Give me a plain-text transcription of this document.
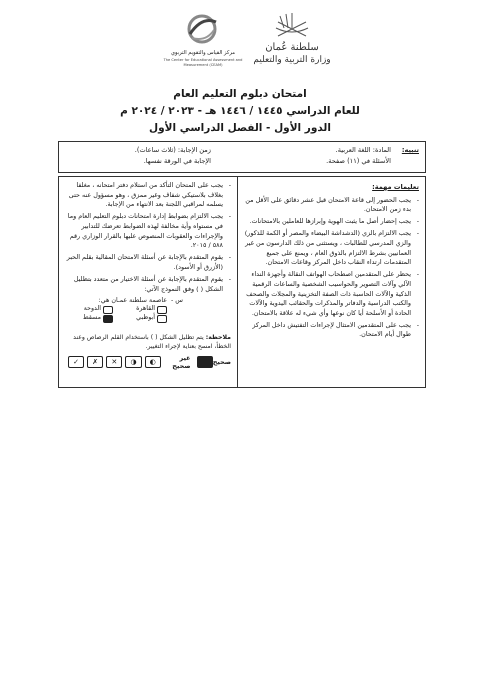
سلطنة عُمان
وزارة التربية والتعليم
مركز القياس والتقويم التربوي
The Center for Educational Assessment and Measurement (CEAM)
امتحان دبلوم التعليم العام
للعام الدراسي ١٤٤٥ / ١٤٤٦ هـ - ٢٠٢٣ / ٢٠٢٤ م
الدور الأول - الفصل الدراسي الأول
تنبيه:
المادة: اللغة العربية.
الأسئلة في (١١) صفحة.
زمن الإجابة: (ثلاث ساعات).
الإجابة في الورقة نفسها.
تعليمات مهمة:
- يجب الحضور إلى قاعة الامتحان قبل عشر دقائق على الأقل من بدء زمن الامتحان.
- يجب إحضار أصل ما يثبت الهوية وإبرازها للعاملين بالامتحانات.
- يجب الالتزام بالزي (الدشداشة البيضاء والمصر أو الكمة للذكور) والزي المدرسي للطالبات ، ويستثنى من ذلك الدارسون من غير العمانيين بشرط الالتزام بالذوق العام ، ويمنع على جميع المتقدمات ارتداء النقاب داخل المركز وقاعات الامتحان.
- يحظر على المتقدمين اصطحاب الهواتف النقالة وأجهزة النداء الآلي وآلات التصوير والحواسيب الشخصية والساعات الرقمية الذكية والآلات الحاسبة ذات الصفة التخزينية والمجلات والصحف والكتب الدراسية والدفاتر والمذكرات والحقائب اليدوية والآلات الحادة أو الأسلحة أيا كان نوعها وأي شيء له علاقة بالامتحان.
- يجب على المتقدمين الامتثال لإجراءات التفتيش داخل المركز طوال أيام الامتحان.
- يجب على المتحان التأكد من استلام دفتر امتحانه ، مغلفا بغلاف بلاستيكي شفاف وغير ممزق ، وهو مسؤول عنه حتى يسلمه لمراقبي اللجنة بعد الانتهاء من الإجابة.
- يجب الالتزام بضوابط إدارة امتحانات دبلوم التعليم العام وما في مستواه وأية مخالفة لهذه الضوابط تعرضك للتدابير والإجراءات والعقوبات المنصوص عليها بالقرار الوزاري رقم ٥٨٨ / ٢٠١٥.
- يقوم المتقدم بالإجابة عن أسئلة الامتحان المقالية بقلم الحبر (الأزرق أو الأسود).
- يقوم المتقدم بالإجابة عن أسئلة الاختيار من متعدد بتظليل الشكل ( ) وفق النموذج الآتي:
س -
عاصمة سلطنة عمـان هي:
القاهرة
الدوحة
أبوظبي
مسقط
ملاحظة: يتم تظليل الشكل ( ) باستخدام القلم الرصاص وعند الخطأ، امسح بعناية لإجراء التغيير.
صحيح
غير صحيح
◐
◑
✕
✗
✓
